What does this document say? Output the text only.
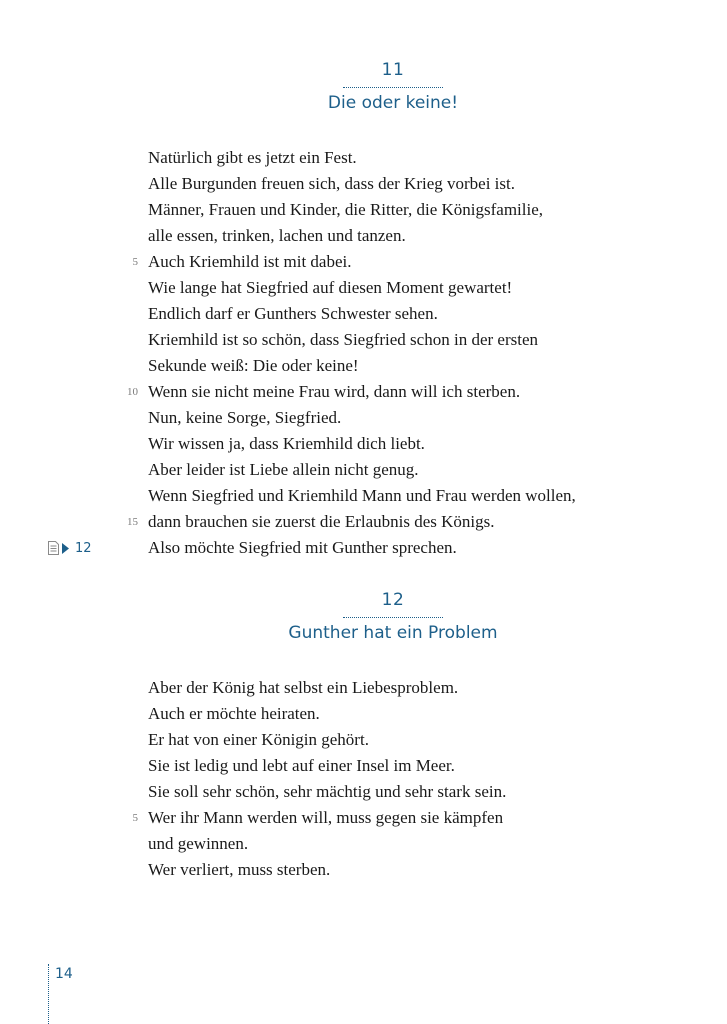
11
Die oder keine!
Natürlich gibt es jetzt ein Fest.
Alle Burgunden freuen sich, dass der Krieg vorbei ist.
Männer, Frauen und Kinder, die Ritter, die Königsfamilie,
alle essen, trinken, lachen und tanzen.
5 Auch Kriemhild ist mit dabei.
Wie lange hat Siegfried auf diesen Moment gewartet!
Endlich darf er Gunthers Schwester sehen.
Kriemhild ist so schön, dass Siegfried schon in der ersten
Sekunde weiß: Die oder keine!
10 Wenn sie nicht meine Frau wird, dann will ich sterben.
Nun, keine Sorge, Siegfried.
Wir wissen ja, dass Kriemhild dich liebt.
Aber leider ist Liebe allein nicht genug.
Wenn Siegfried und Kriemhild Mann und Frau werden wollen,
15 dann brauchen sie zuerst die Erlaubnis des Königs.
Also möchte Siegfried mit Gunther sprechen.
12
12
Gunther hat ein Problem
Aber der König hat selbst ein Liebesproblem.
Auch er möchte heiraten.
Er hat von einer Königin gehört.
Sie ist ledig und lebt auf einer Insel im Meer.
Sie soll sehr schön, sehr mächtig und sehr stark sein.
5 Wer ihr Mann werden will, muss gegen sie kämpfen
und gewinnen.
Wer verliert, muss sterben.
14
